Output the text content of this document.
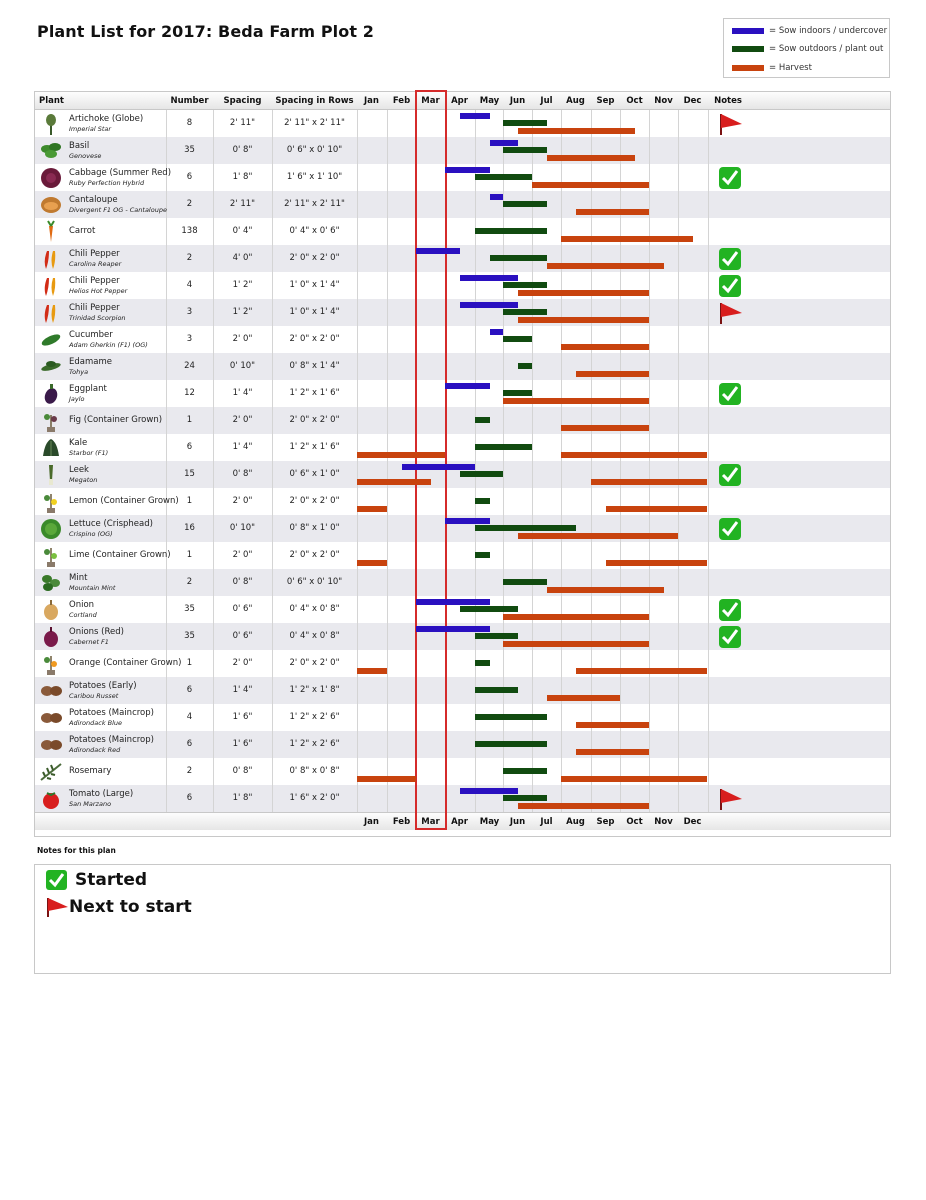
Plant List for 2017: Beda Farm Plot 2	= Sow indoors / undercover
= Sow outdoors / plant out
= Harvest
Plant	Number	Spacing	Spacing in Rows	Notes
Jan	Feb	Mar	Apr	May	Jun	Jul	Aug	Sep	Oct	Nov	Dec
Jan	Feb	Mar	Apr	May	Jun	Jul	Aug	Sep	Oct	Nov	Dec
Artichoke (Globe)
Imperial Star
8	2' 11"	2' 11" x 2' 11"
Basil
Genovese
35	0' 8"	0' 6" x 0' 10"
Cabbage (Summer Red)
Ruby Perfection Hybrid
6	1' 8"	1' 6" x 1' 10"
Cantaloupe
Divergent F1 OG - Cantaloupe
2	2' 11"	2' 11" x 2' 11"
Carrot	138	0' 4"	0' 4" x 0' 6"
Chili Pepper
Carolina Reaper
2	4' 0"	2' 0" x 2' 0"
Chili Pepper
Helios Hot Pepper
4	1' 2"	1' 0" x 1' 4"
Chili Pepper
Trinidad Scorpion
3	1' 2"	1' 0" x 1' 4"
Cucumber
Adam Gherkin (F1) (OG)
3	2' 0"	2' 0" x 2' 0"
Edamame
Tohya
24	0' 10"	0' 8" x 1' 4"
Eggplant
Jaylo
12	1' 4"	1' 2" x 1' 6"
Fig (Container Grown)	1	2' 0"	2' 0" x 2' 0"
Kale
Starbor (F1)
6	1' 4"	1' 2" x 1' 6"
Leek
Megaton
15	0' 8"	0' 6" x 1' 0"
Lemon (Container Grown) 1	2' 0"	2' 0" x 2' 0"
Lettuce (Crisphead)
Crispino (OG)
16	0' 10"	0' 8" x 1' 0"
Lime (Container Grown)	1	2' 0"	2' 0" x 2' 0"
Mint
Mountain Mint
2	0' 8"	0' 6" x 0' 10"
Onion
Cortland
35	0' 6"	0' 4" x 0' 8"
Onions (Red)
Cabernet F1
35	0' 6"	0' 4" x 0' 8"
Orange (Container Grown) 1	2' 0"	2' 0" x 2' 0"
Potatoes (Early)
Caribou Russet
6	1' 4"	1' 2" x 1' 8"
Potatoes (Maincrop)
Adirondack Blue
4	1' 6"	1' 2" x 2' 6"
Potatoes (Maincrop)
Adirondack Red
6	1' 6"	1' 2" x 2' 6"
Rosemary	2	0' 8"	0' 8" x 0' 8"
Tomato (Large)
San Marzano
6	1' 8"	1' 6" x 2' 0"
Notes for this plan
Started
Next to start
